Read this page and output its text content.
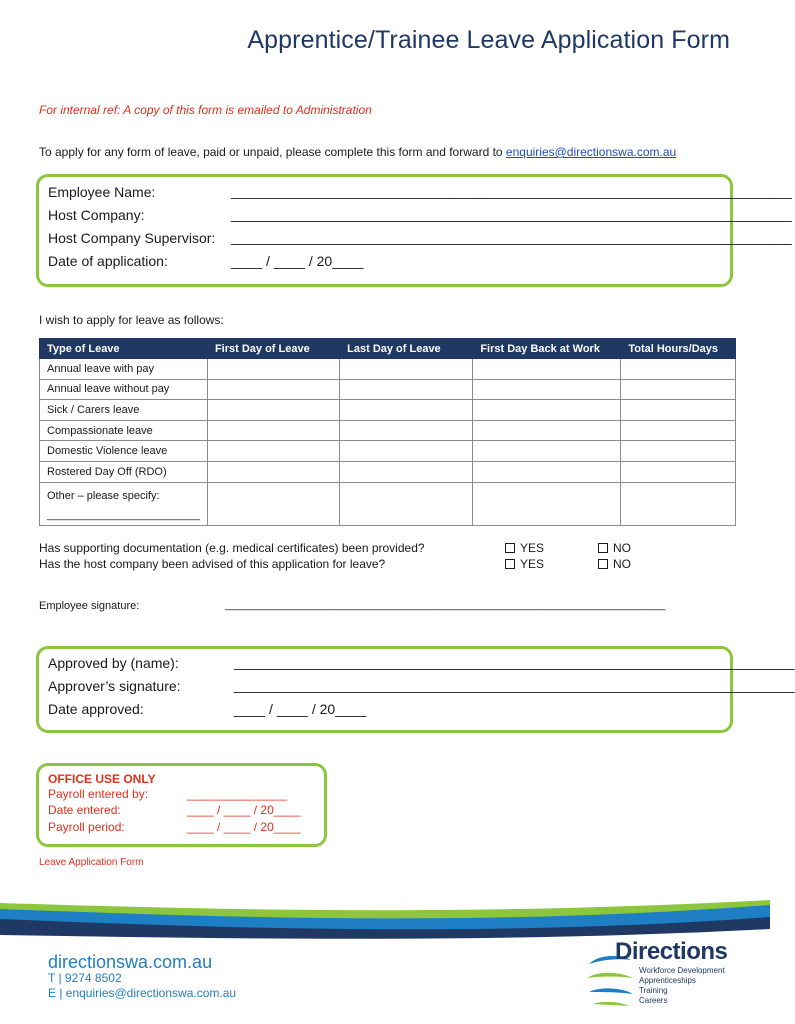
Apprentice/Trainee Leave Application Form
For internal ref: A copy of this form is emailed to Administration
To apply for any form of leave, paid or unpaid, please complete this form and forward to enquiries@directionswa.com.au
Employee Name:	________________________________________________________________________
Host Company:	________________________________________________________________________
Host Company Supervisor: ________________________________________________________________________
Date of application:	____ / ____ / 20____
I wish to apply for leave as follows:
Type of Leave	First Day of Leave	Last Day of Leave	First Day Back at Work	Total Hours/Days
Annual leave with pay				
Annual leave without pay				
Sick / Carers leave				
Compassionate leave				
Domestic Violence leave				
Rostered Day Off (RDO)				

Other – please specify:
_________________________				

Has supporting documentation (e.g. medical certificates) been provided?	YES	NO
Has the host company been advised of this application for leave?	YES	NO
Employee signature:	________________________________________________________________________
Approved by (name):	________________________________________________________________________
Approver’s signature:	________________________________________________________________________
Date approved:	____ / ____ / 20____
OFFICE USE ONLY
Payroll entered by:	_______________
Date entered:	____ / ____ / 20____
Payroll period:	____ / ____ / 20____
Leave Application Form
directionswa.com.au
T | 9274 8502
E | enquiries@directionswa.com.au
Directions
Workforce Development
Apprenticeships
Training
Careers
